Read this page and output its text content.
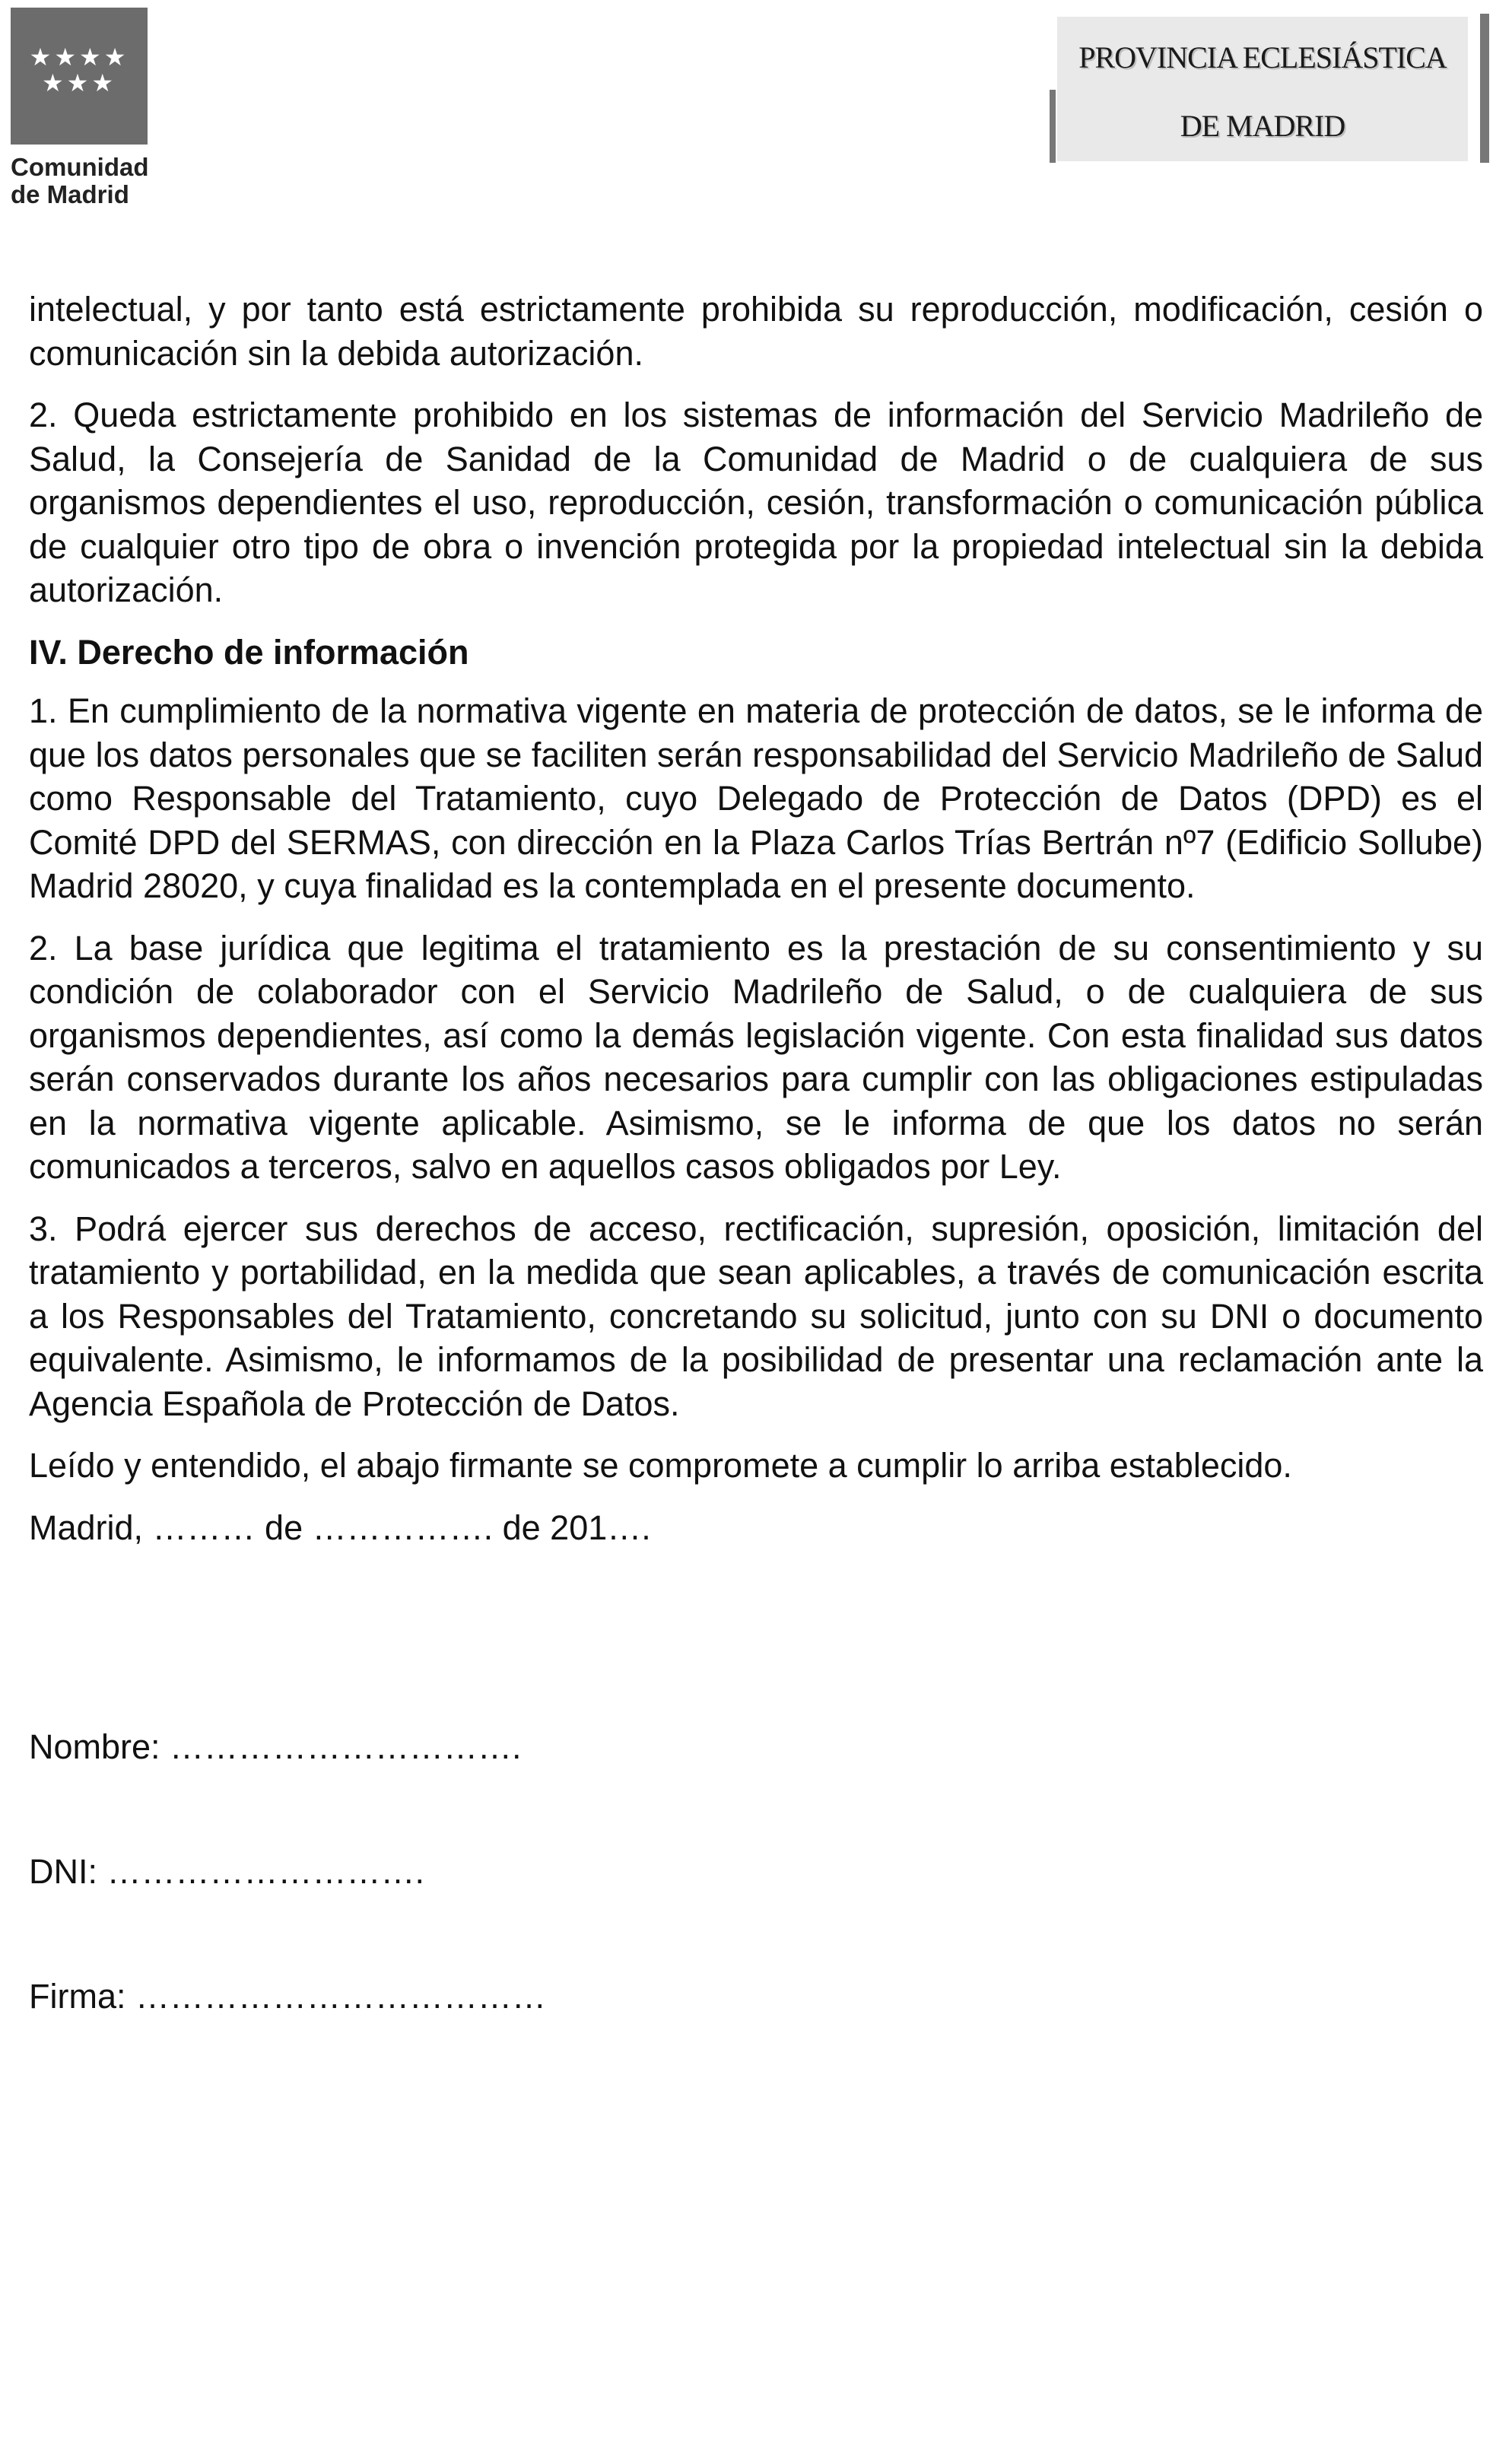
★★★★
★★★
Comunidad
de Madrid
PROVINCIA ECLESIÁSTICA
DE MADRID

intelectual, y por tanto está estrictamente prohibida su reproducción, modificación, cesión o comunicación sin la debida autorización.

2. Queda estrictamente prohibido en los sistemas de información del Servicio Madrileño de Salud, la Consejería de Sanidad de la Comunidad de Madrid o de cualquiera de sus organismos dependientes el uso, reproducción, cesión, transformación o comunicación pública de cualquier otro tipo de obra o invención protegida por la propiedad intelectual sin la debida autorización.

IV. Derecho de información

1. En cumplimiento de la normativa vigente en materia de protección de datos, se le informa de que los datos personales que se faciliten serán responsabilidad del Servicio Madrileño de Salud como Responsable del Tratamiento, cuyo Delegado de Protección de Datos (DPD) es el Comité DPD del SERMAS, con dirección en la Plaza Carlos Trías Bertrán nº7 (Edificio Sollube) Madrid 28020, y cuya finalidad es la contemplada en el presente documento.

2. La base jurídica que legitima el tratamiento es la prestación de su consentimiento y su condición de colaborador con el Servicio Madrileño de Salud, o de cualquiera de sus organismos dependientes, así como la demás legislación vigente. Con esta finalidad sus datos serán conservados durante los años necesarios para cumplir con las obligaciones estipuladas en la normativa vigente aplicable. Asimismo, se le informa de que los datos no serán comunicados a terceros, salvo en aquellos casos obligados por Ley.

3. Podrá ejercer sus derechos de acceso, rectificación, supresión, oposición, limitación del tratamiento y portabilidad, en la medida que sean aplicables, a través de comunicación escrita a los Responsables del Tratamiento, concretando su solicitud, junto con su DNI o documento equivalente. Asimismo, le informamos de la posibilidad de presentar una reclamación ante la Agencia Española de Protección de Datos.

Leído y entendido, el abajo firmante se compromete a cumplir lo arriba establecido.

Madrid, ……… de ……………. de 201….

Nombre: ………………………….
DNI: ……………………….
Firma: ………………………………
